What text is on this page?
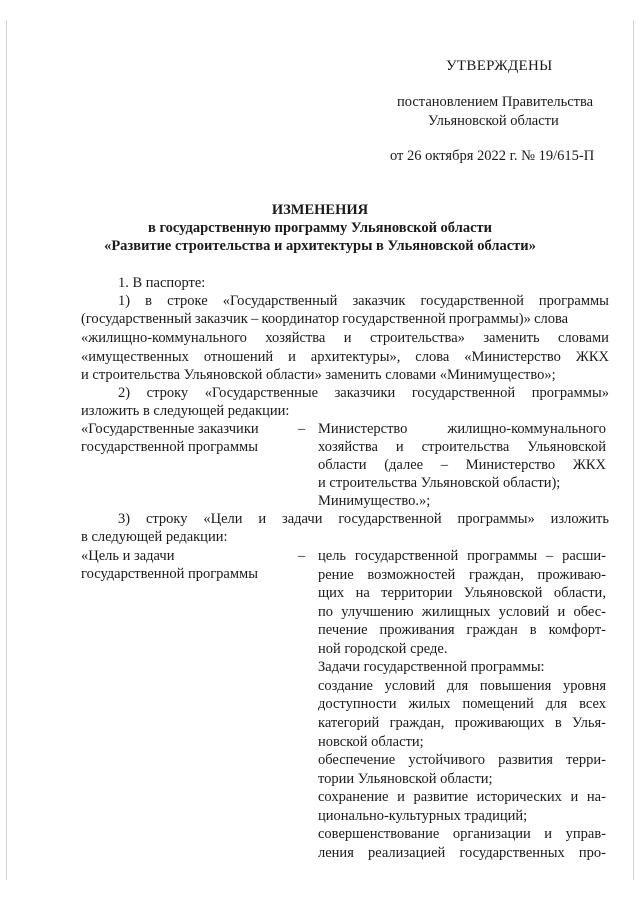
УТВЕРЖДЕНЫ
постановлением Правительства
Ульяновской области
от 26 октября 2022 г. № 19/615-П
ИЗМЕНЕНИЯ
в государственную программу Ульяновской области
«Развитие строительства и архитектуры в Ульяновской области»
1. В паспорте:
1) в строке «Государственный заказчик государственной программы
(государственный заказчик – координатор государственной программы)» слова
«жилищно-коммунального хозяйства и строительства» заменить словами
«имущественных отношений и архитектуры», слова «Министерство ЖКХ
и строительства Ульяновской области» заменить словами «Минимущество»;
2) строку «Государственные заказчики государственной программы»
изложить в следующей редакции:
«Государственные заказчики
государственной программы
– Министерство	жилищно-коммунального
хозяйства и строительства Ульяновской
области (далее – Министерство ЖКХ
и строительства Ульяновской области);
Минимущество.»;
3) строку «Цели и задачи государственной программы» изложить
в следующей редакции:
«Цель и задачи
государственной программы
– цель государственной программы – расши-
рение возможностей граждан, проживаю-
щих на территории Ульяновской области,
по улучшению жилищных условий и обес-
печение проживания граждан в комфорт-
ной городской среде.
Задачи государственной программы:
создание условий для повышения уровня
доступности жилых помещений для всех
категорий граждан, проживающих в Улья-
новской области;
обеспечение устойчивого развития терри-
тории Ульяновской области;
сохранение и развитие исторических и на-
ционально-культурных традиций;
совершенствование организации и управ-
ления реализацией государственных про-
